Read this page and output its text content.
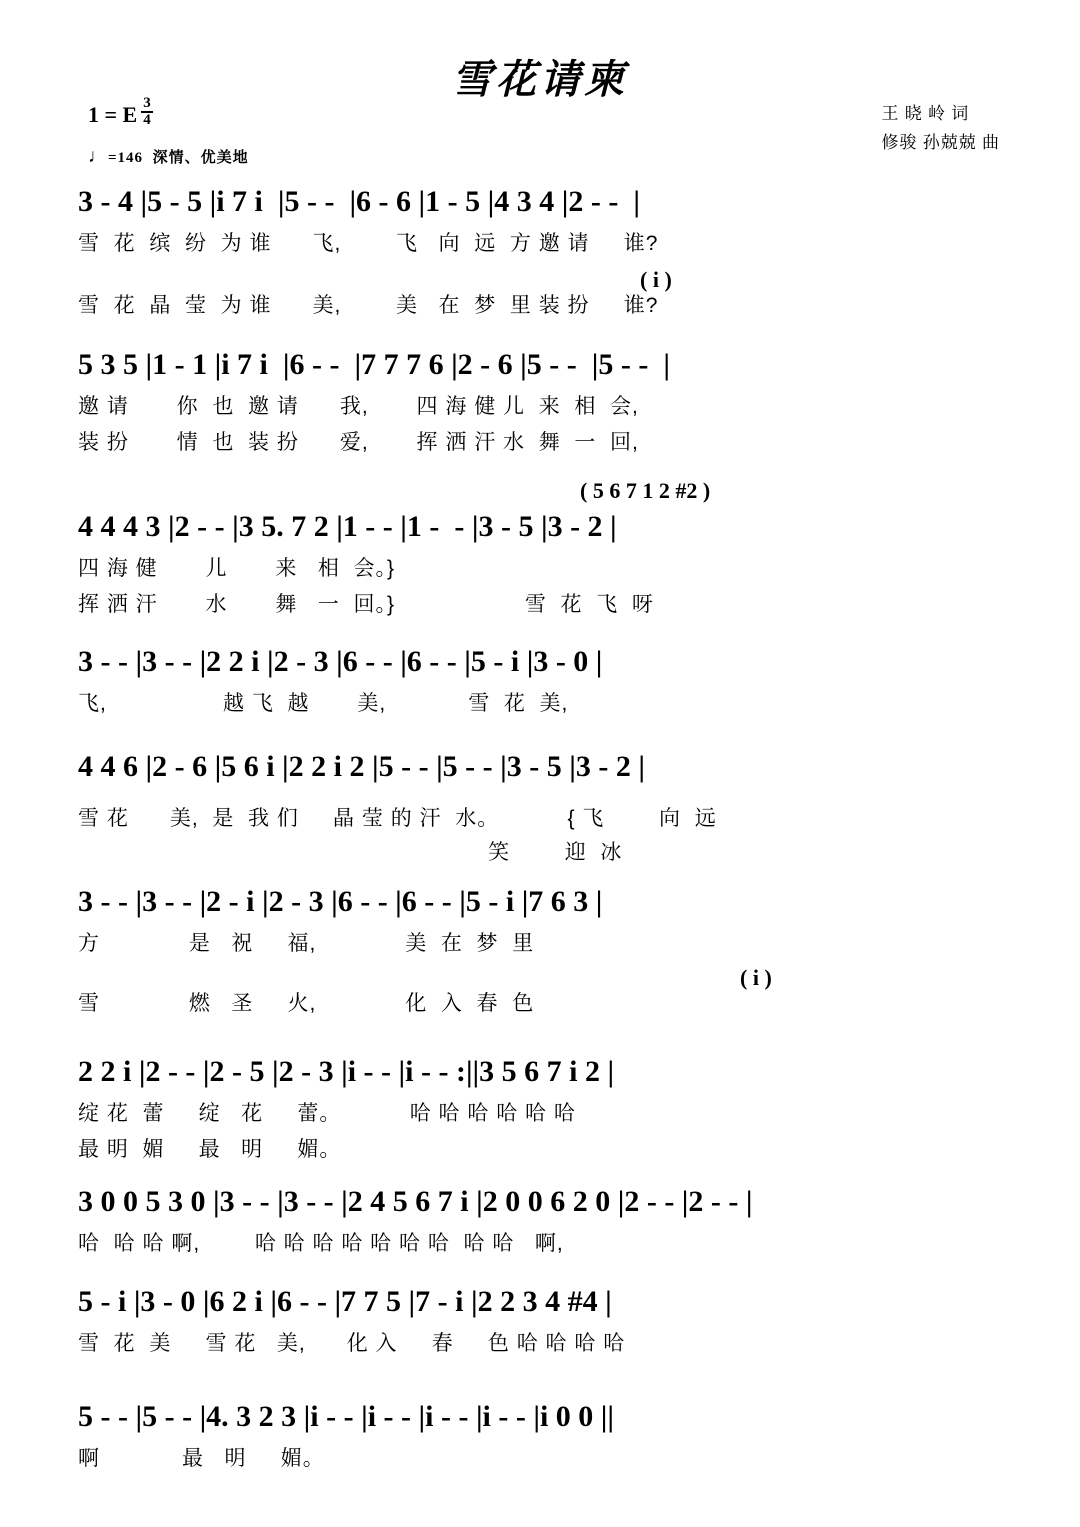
雪花请柬
1 = E $\frac{3}{4}$
♩=146 深情、优美地
王 晓 岭 词
修骏 孙兢兢 曲
3 - 4 |5 - 5 |i 7 i  |5 - -  |6 - 6 |1 - 5 |4 3 4 |2 - -  |
雪  花  缤  纷  为 谁      飞,        飞   向  远  方 邀 请     谁?
( i )
雪  花  晶  莹  为 谁      美,        美   在  梦  里 装 扮     谁?
5 3 5 |1 - 1 |i 7 i  |6 - -  |7 7 7 6 |2 - 6 |5 - -  |5 - -  |
邀 请       你  也  邀 请      我,       四 海 健 儿  来  相  会,
装 扮       情  也  装 扮      爱,       挥 洒 汗 水  舞  一  回,
( 5 6 7 1 2 #2 )
4 4 4 3 |2 - - |3 5. 7 2 |1 - - |1 -  - |3 - 5 |3 - 2 |
四 海 健       儿       来   相  会。}
挥 洒 汗       水       舞   一  回。}                   雪  花  飞  呀
3 - - |3 - - |2 2 i |2 - 3 |6 - - |6 - - |5 - i |3 - 0 |
飞,                 越 飞  越       美,            雪  花  美,
4 4 6 |2 - 6 |5 6 i |2 2 i 2 |5 - - |5 - - |3 - 5 |3 - 2 |
雪 花      美,  是  我 们     晶 莹 的 汗  水。          { 飞        向  远
笑        迎  冰
3 - - |3 - - |2 - i |2 - 3 |6 - - |6 - - |5 - i |7 6 3 |
方             是   祝     福,             美  在  梦  里
( i )
雪             燃   圣     火,             化  入  春  色
2 2 i |2 - - |2 - 5 |2 - 3 |i - - |i - - :||3 5 6 7 i 2 |
绽 花  蕾     绽   花     蕾。          哈 哈 哈 哈 哈 哈
最 明  媚     最   明     媚。
3 0 0 5 3 0 |3 - - |3 - - |2 4 5 6 7 i |2 0 0 6 2 0 |2 - - |2 - - |
哈  哈 哈 啊,        哈 哈 哈 哈 哈 哈 哈  哈 哈   啊,
5 - i |3 - 0 |6 2 i |6 - - |7 7 5 |7 - i |2 2 3 4 #4 |
雪  花  美     雪 花   美,      化 入     春     色 哈 哈 哈 哈
5 - - |5 - - |4. 3 2 3 |i - - |i - - |i - - |i - - |i 0 0 ||
啊            最   明     媚。
